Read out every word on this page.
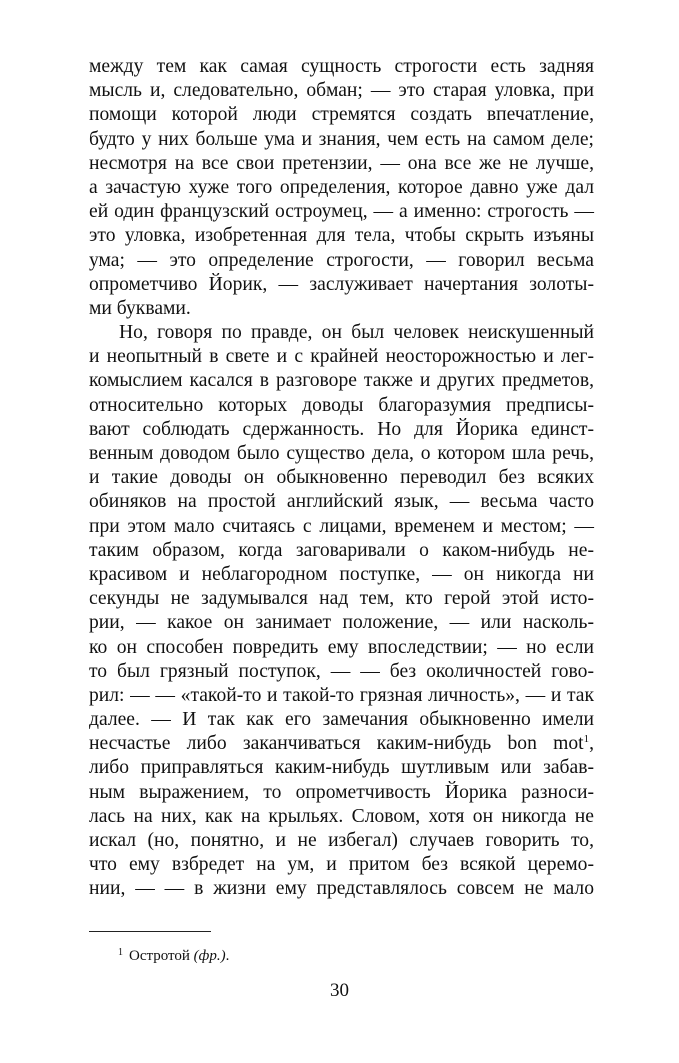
между тем как самая сущность строгости есть задняя
мысль и, следовательно, обман; — это старая уловка, при
помощи которой люди стремятся создать впечатление,
будто у них больше ума и знания, чем есть на самом деле;
несмотря на все свои претензии, — она все же не лучше,
а зачастую хуже того определения, которое давно уже дал
ей один французский остроумец, — а именно: строгость —
это уловка, изобретенная для тела, чтобы скрыть изъяны
ума; — это определение строгости, — говорил весьма
опрометчиво Йорик, — заслуживает начертания золоты-
ми буквами.
Но, говоря по правде, он был человек неискушенный
и неопытный в свете и с крайней неосторожностью и лег-
комыслием касался в разговоре также и других предметов,
относительно которых доводы благоразумия предписы-
вают соблюдать сдержанность. Но для Йорика единст-
венным доводом было существо дела, о котором шла речь,
и такие доводы он обыкновенно переводил без всяких
обиняков на простой английский язык, — весьма часто
при этом мало считаясь с лицами, временем и местом; —
таким образом, когда заговаривали о каком-нибудь не-
красивом и неблагородном поступке, — он никогда ни
секунды не задумывался над тем, кто герой этой исто-
рии, — какое он занимает положение, — или насколь-
ко он способен повредить ему впоследствии; — но если
то был грязный поступок, — — без околичностей гово-
рил: — — «такой-то и такой-то грязная личность», — и так
далее. — И так как его замечания обыкновенно имели
несчастье либо заканчиваться каким-нибудь bon mot$^1$,
либо приправляться каким-нибудь шутливым или забав-
ным выражением, то опрометчивость Йорика разноси-
лась на них, как на крыльях. Словом, хотя он никогда не
искал (но, понятно, и не избегал) случаев говорить то,
что ему взбредет на ум, и притом без всякой церемо-
нии, — — в жизни ему представлялось совсем не мало
$^1$ Остротой (фр.).
30
